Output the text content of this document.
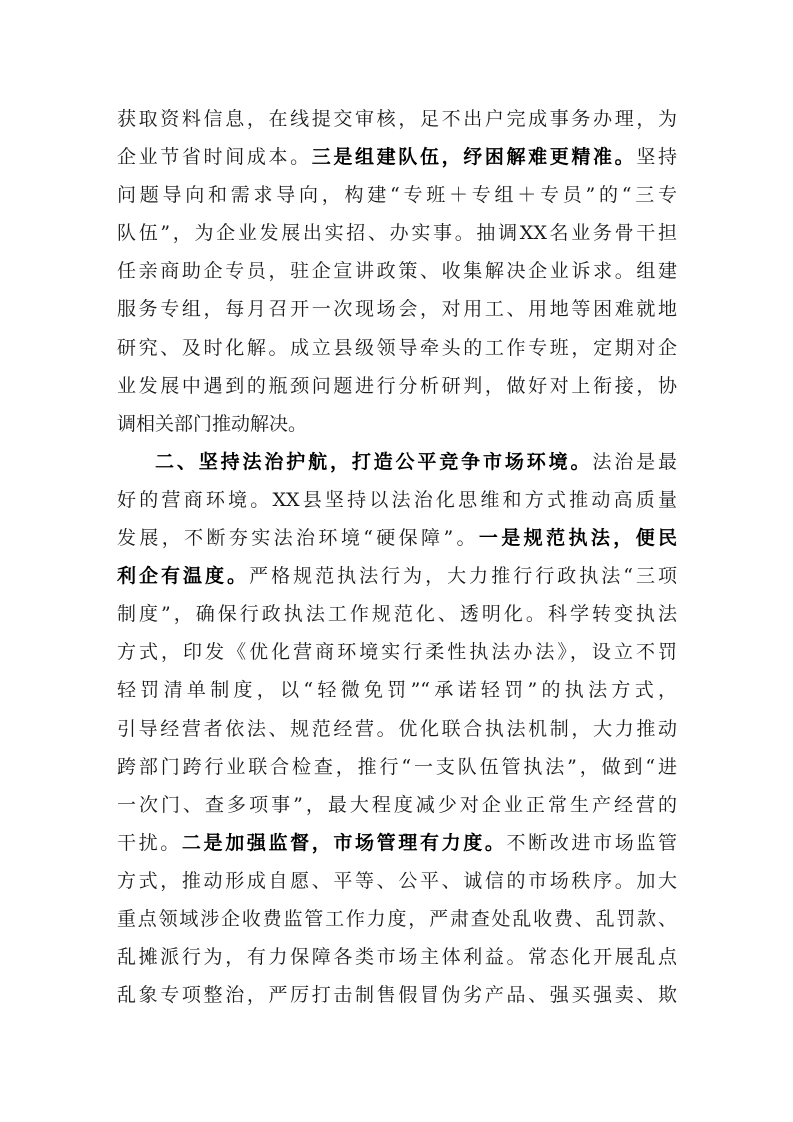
获取资料信息，在线提交审核，足不出户完成事务办理，为
企业节省时间成本。三是组建队伍，纾困解难更精准。坚持
问题导向和需求导向，构建“专班＋专组＋专员”的“三专
队伍”，为企业发展出实招、办实事。抽调XX名业务骨干担
任亲商助企专员，驻企宣讲政策、收集解决企业诉求。组建
服务专组，每月召开一次现场会，对用工、用地等困难就地
研究、及时化解。成立县级领导牵头的工作专班，定期对企
业发展中遇到的瓶颈问题进行分析研判，做好对上衔接，协
调相关部门推动解决。
二、坚持法治护航，打造公平竞争市场环境。法治是最
好的营商环境。XX县坚持以法治化思维和方式推动高质量
发展，不断夯实法治环境“硬保障”。一是规范执法，便民
利企有温度。严格规范执法行为，大力推行行政执法“三项
制度”，确保行政执法工作规范化、透明化。科学转变执法
方式，印发《优化营商环境实行柔性执法办法》，设立不罚
轻罚清单制度，以“轻微免罚”“承诺轻罚”的执法方式，
引导经营者依法、规范经营。优化联合执法机制，大力推动
跨部门跨行业联合检查，推行“一支队伍管执法”，做到“进
一次门、查多项事”，最大程度减少对企业正常生产经营的
干扰。二是加强监督，市场管理有力度。不断改进市场监管
方式，推动形成自愿、平等、公平、诚信的市场秩序。加大
重点领域涉企收费监管工作力度，严肃查处乱收费、乱罚款、
乱摊派行为，有力保障各类市场主体利益。常态化开展乱点
乱象专项整治，严厉打击制售假冒伪劣产品、强买强卖、欺
